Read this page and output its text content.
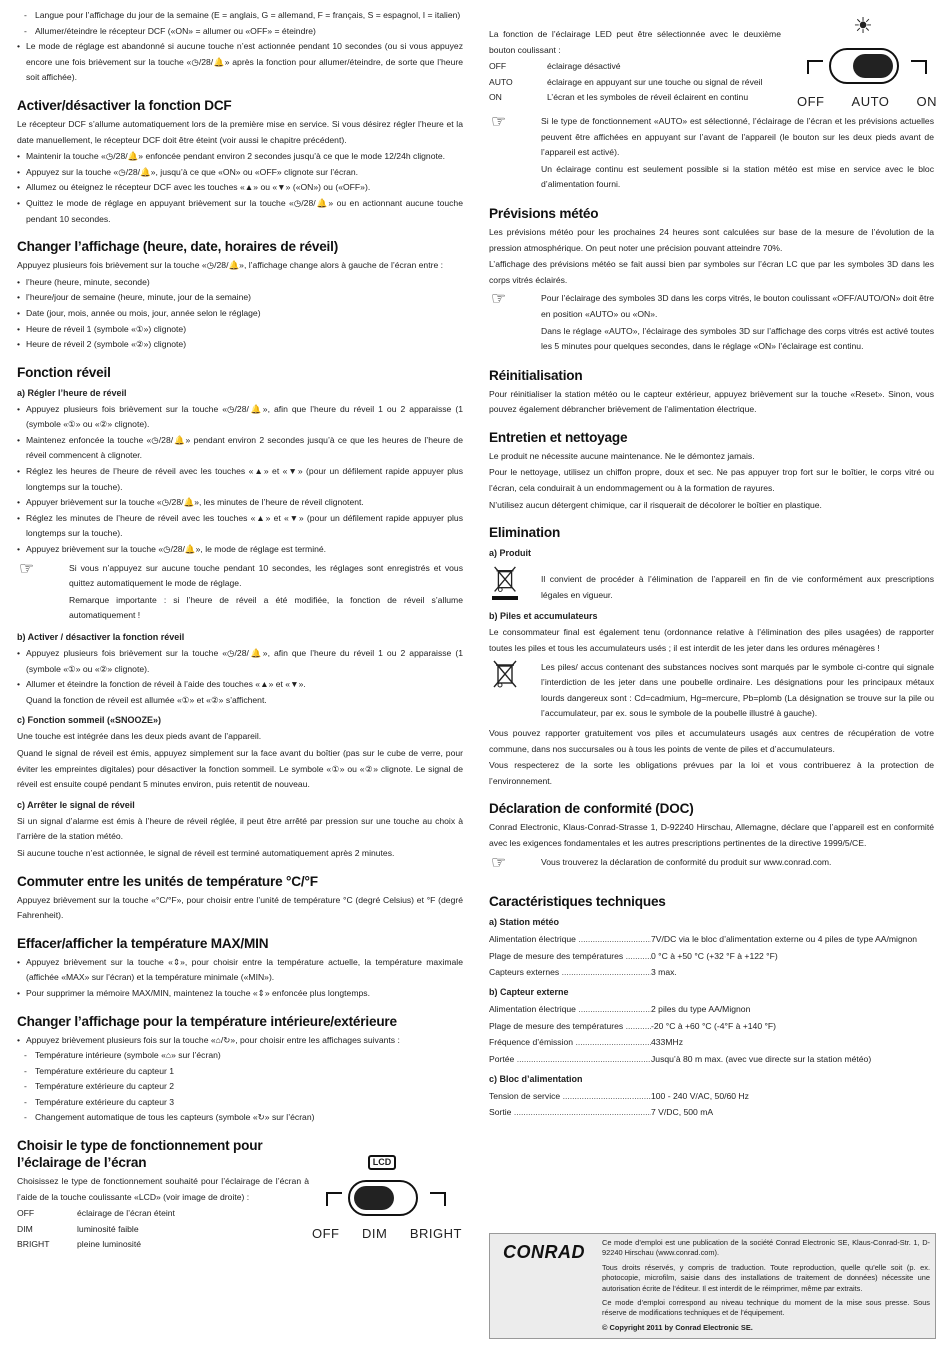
- Langue pour l’affichage du jour de la semaine (E = anglais, G = allemand, F = français, S = espagnol, I = italien)
- Allumer/éteindre le récepteur DCF («ON» = allumer ou «OFF» = éteindre)
• Le mode de réglage est abandonné si aucune touche n’est actionnée pendant 10 secondes (ou si vous appuyez encore une fois brièvement sur la touche «◷/28/🔔» après la fonction pour allumer/éteindre, de sorte que l’heure soit affichée).
Activer/désactiver la fonction DCF

Le récepteur DCF s’allume automatiquement lors de la première mise en service. Si vous désirez régler l’heure et la date manuellement, le récepteur DCF doit être éteint (voir aussi le chapitre précédent).

• Maintenir la touche «◷/28/🔔» enfoncée pendant environ 2 secondes jusqu’à ce que le mode 12/24h clignote.
• Appuyez sur la touche «◷/28/🔔», jusqu’à ce que «ON» ou «OFF» clignote sur l’écran.
• Allumez ou éteignez le récepteur DCF avec les touches «▲» ou «▼» («ON») ou («OFF»).
• Quittez le mode de réglage en appuyant brièvement sur la touche «◷/28/🔔» ou en actionnant aucune touche pendant 10 secondes.
Changer l’affichage (heure, date, horaires de réveil)

Appuyez plusieurs fois brièvement sur la touche «◷/28/🔔», l’affichage change alors à gauche de l’écran entre :

• l’heure (heure, minute, seconde)
• l’heure/jour de semaine (heure, minute, jour de la semaine)
• Date (jour, mois, année ou mois, jour, année selon le réglage)
• Heure de réveil 1 (symbole «①») clignote)
• Heure de réveil 2 (symbole «②») clignote)
Fonction réveil
a) Régler l’heure de réveil
• Appuyez plusieurs fois brièvement sur la touche «◷/28/🔔», afin que l’heure du réveil 1 ou 2 apparaisse (1 (symbole «①» ou «②» clignote).
• Maintenez enfoncée la touche «◷/28/🔔» pendant environ 2 secondes jusqu’à ce que les heures de l’heure de réveil commencent à clignoter.
• Réglez les heures de l’heure de réveil avec les touches «▲» et «▼» (pour un défilement rapide appuyer plus longtemps sur la touche).
• Appuyer brièvement sur la touche «◷/28/🔔», les minutes de l’heure de réveil clignotent.
• Réglez les minutes de l’heure de réveil avec les touches «▲» et «▼» (pour un défilement rapide appuyer plus longtemps sur la touche).
• Appuyez brièvement sur la touche «◷/28/🔔», le mode de réglage est terminé.
☞	Si vous n’appuyez sur aucune touche pendant 10 secondes, les réglages sont enregistrés et vous quittez automatiquement le mode de réglage.

Remarque importante : si l’heure de réveil a été modifiée, la fonction de réveil s’allume automatiquement !

b) Activer / désactiver la fonction réveil
• Appuyez plusieurs fois brièvement sur la touche «◷/28/🔔», afin que l’heure du réveil 1 ou 2 apparaisse (1 (symbole «①» ou «②» clignote).
• Allumer et éteindre la fonction de réveil à l’aide des touches «▲» et «▼».

Quand la fonction de réveil est allumée «①» et «②» s’affichent.

c) Fonction sommeil («SNOOZE»)

Une touche est intégrée dans les deux pieds avant de l’appareil.

Quand le signal de réveil est émis, appuyez simplement sur la face avant du boîtier (pas sur le cube de verre, pour éviter les empreintes digitales) pour désactiver la fonction sommeil. Le symbole «①» ou «②» clignote. Le signal de réveil est ensuite coupé pendant 5 minutes environ, puis retentit de nouveau.

c) Arrêter le signal de réveil

Si un signal d’alarme est émis à l’heure de réveil réglée, il peut être arrêté par pression sur une touche au choix à l’arrière de la station météo.

Si aucune touche n’est actionnée, le signal de réveil est terminé automatiquement après 2 minutes.

Commuter entre les unités de température °C/°F

Appuyez brièvement sur la touche «°C/°F», pour choisir entre l’unité de température °C (degré Celsius) et °F (degré Fahrenheit).

Effacer/afficher la température MAX/MIN
• Appuyez brièvement sur la touche «⇕», pour choisir entre la température actuelle, la température maximale (affichée «MAX» sur l’écran) et la température minimale («MIN»).
• Pour supprimer la mémoire MAX/MIN, maintenez la touche «⇕» enfoncée plus longtemps.
Changer l’affichage pour la température intérieure/extérieure
• Appuyez brièvement plusieurs fois sur la touche «⌂/↻», pour choisir entre les affichages suivants :
- Température intérieure (symbole «⌂» sur l’écran)
- Température extérieure du capteur 1
- Température extérieure du capteur 2
- Température extérieure du capteur 3
- Changement automatique de tous les capteurs (symbole «↻» sur l’écran)
Choisir le type de fonctionnement pour l’éclairage de l’écran

Choisissez le type de fonctionnement souhaité pour l’éclairage de l’écran à l’aide de la touche coulissante «LCD» (voir image de droite) :

OFF	éclairage de l’écran éteint
DIM	luminosité faible
BRIGHT	pleine luminosité
LCD
OFF DIM BRIGHT

La fonction de l’éclairage LED peut être sélectionnée avec le deuxième bouton coulissant :

OFF	éclairage désactivé
AUTO	éclairage en appuyant sur une touche ou signal de réveil
ON	L’écran et les symboles de réveil éclairent en continu
☞	Si le type de fonctionnement «AUTO» est sélectionné, l’éclairage de l’écran et les prévisions actuelles peuvent être affichées en appuyant sur l’avant de l’appareil (le bouton sur les deux pieds avant de l’appareil est activé).

Un éclairage continu est seulement possible si la station météo est mise en service avec le bloc d’alimentation fourni.

Prévisions météo

Les prévisions météo pour les prochaines 24 heures sont calculées sur base de la mesure de l’évolution de la pression atmosphérique. On peut noter une précision pouvant atteindre 70%.

L’affichage des prévisions météo se fait aussi bien par symboles sur l’écran LC que par les symboles 3D dans les corps vitrés éclairés.

☞	Pour l’éclairage des symboles 3D dans les corps vitrés, le bouton coulissant «OFF/AUTO/ON» doit être en position «AUTO» ou «ON».

Dans le réglage «AUTO», l’éclairage des symboles 3D sur l’affichage des corps vitrés est activé toutes les 5 minutes pour quelques secondes, dans le réglage «ON» l’éclairage est continu.

Réinitialisation

Pour réinitialiser la station météo ou le capteur extérieur, appuyez brièvement sur la touche «Reset». Sinon, vous pouvez également débrancher brièvement de l’alimentation électrique.

Entretien et nettoyage

Le produit ne nécessite aucune maintenance. Ne le démontez jamais.

Pour le nettoyage, utilisez un chiffon propre, doux et sec. Ne pas appuyer trop fort sur le boîtier, le corps vitré ou l’écran, cela conduirait à un endommagement ou à la formation de rayures.

N’utilisez aucun détergent chimique, car il risquerait de décolorer le boîtier en plastique.

Elimination
a) Produit

Il convient de procéder à l’élimination de l’appareil en fin de vie conformément aux prescriptions légales en vigueur.

b) Piles et accumulateurs

Le consommateur final est également tenu (ordonnance relative à l’élimination des piles usagées) de rapporter toutes les piles et tous les accumulateurs usés ; il est interdit de les jeter dans les ordures ménagères !

Les piles/ accus contenant des substances nocives sont marqués par le symbole ci-contre qui signale l’interdiction de les jeter dans une poubelle ordinaire. Les désignations pour les principaux métaux lourds dangereux sont : Cd=cadmium, Hg=mercure, Pb=plomb (La désignation se trouve sur la pile ou l’accumulateur, par ex. sous le symbole de la poubelle illustré à gauche).

Vous pouvez rapporter gratuitement vos piles et accumulateurs usagés aux centres de récupération de votre commune, dans nos succursales ou à tous les points de vente de piles et d’accumulateurs.

Vous respecterez de la sorte les obligations prévues par la loi et vous contribuerez à la protection de l’environnement.

Déclaration de conformité (DOC)

Conrad Electronic, Klaus-Conrad-Strasse 1, D-92240 Hirschau, Allemagne, déclare que l’appareil est en conformité avec les exigences fondamentales et les autres prescriptions pertinentes de la directive 1999/5/CE.

☞	Vous trouverez la déclaration de conformité du produit sur www.conrad.com.

Caractéristiques techniques
a) Station météo
Alimentation électrique .....	7V/DC via le bloc d’alimentation externe ou 4 piles de type AA/mignon
Plage de mesure des températures .....	0 °C à +50 °C (+32 °F à +122 °F)
Capteurs externes .....	3 max.
b) Capteur externe
Alimentation électrique .....	2 piles du type AA/Mignon
Plage de mesure des températures .....	-20 °C à +60 °C (-4°F à +140 °F)
Fréquence d’émission .....	433MHz
Portée .....	Jusqu’à 80 m max. (avec vue directe sur la station météo)
c) Bloc d’alimentation
Tension de service .....	100 - 240 V/AC, 50/60 Hz
Sortie .....	7 V/DC, 500 mA
☀
OFF AUTO ON
CONRAD Ce mode d’emploi est une publication de la société Conrad Electronic SE, Klaus-Conrad-Str. 1, D-92240 Hirschau (www.conrad.com).

Tous droits réservés, y compris de traduction. Toute reproduction, quelle qu’elle soit (p. ex. photocopie, microfilm, saisie dans des installations de traitement de données) nécessite une autorisation écrite de l’éditeur. Il est interdit de le réimprimer, même par extraits.

Ce mode d’emploi correspond au niveau technique du moment de la mise sous presse. Sous réserve de modifications techniques et de l’équipement.

© Copyright 2011 by Conrad Electronic SE.
